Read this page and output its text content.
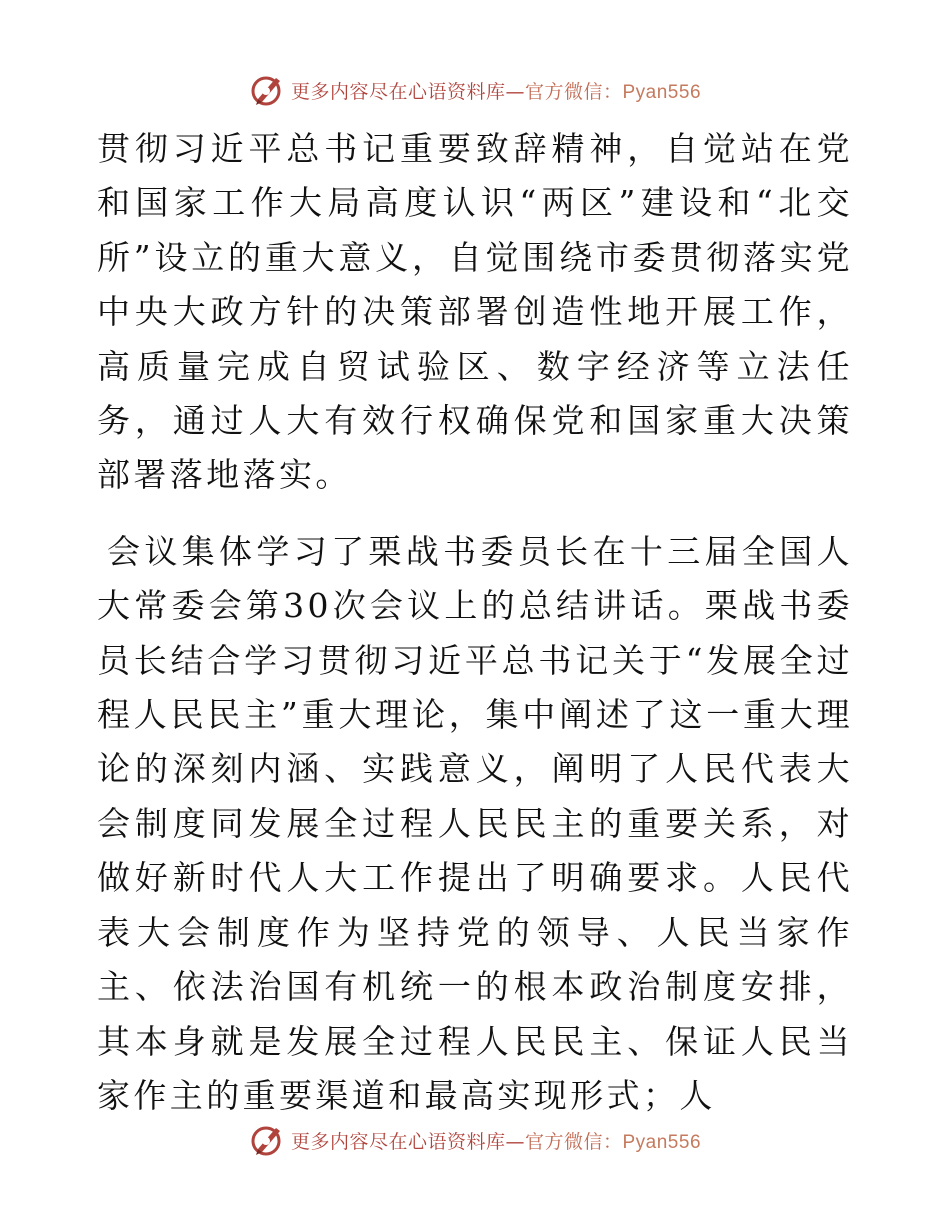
更多内容尽在心语资料库—官方微信：Pyan556

贯彻习近平总书记重要致辞精神，自觉站在党和国家工作大局高度认识“两区”建设和“北交所”设立的重大意义，自觉围绕市委贯彻落实党中央大政方针的决策部署创造性地开展工作，高质量完成自贸试验区、数字经济等立法任务，通过人大有效行权确保党和国家重大决策部署落地落实。

会议集体学习了栗战书委员长在十三届全国人大常委会第30次会议上的总结讲话。栗战书委员长结合学习贯彻习近平总书记关于“发展全过程人民民主”重大理论，集中阐述了这一重大理论的深刻内涵、实践意义，阐明了人民代表大会制度同发展全过程人民民主的重要关系，对做好新时代人大工作提出了明确要求。人民代表大会制度作为坚持党的领导、人民当家作主、依法治国有机统一的根本政治制度安排，其本身就是发展全过程人民民主、保证人民当家作主的重要渠道和最高实现形式；人

更多内容尽在心语资料库—官方微信：Pyan556
